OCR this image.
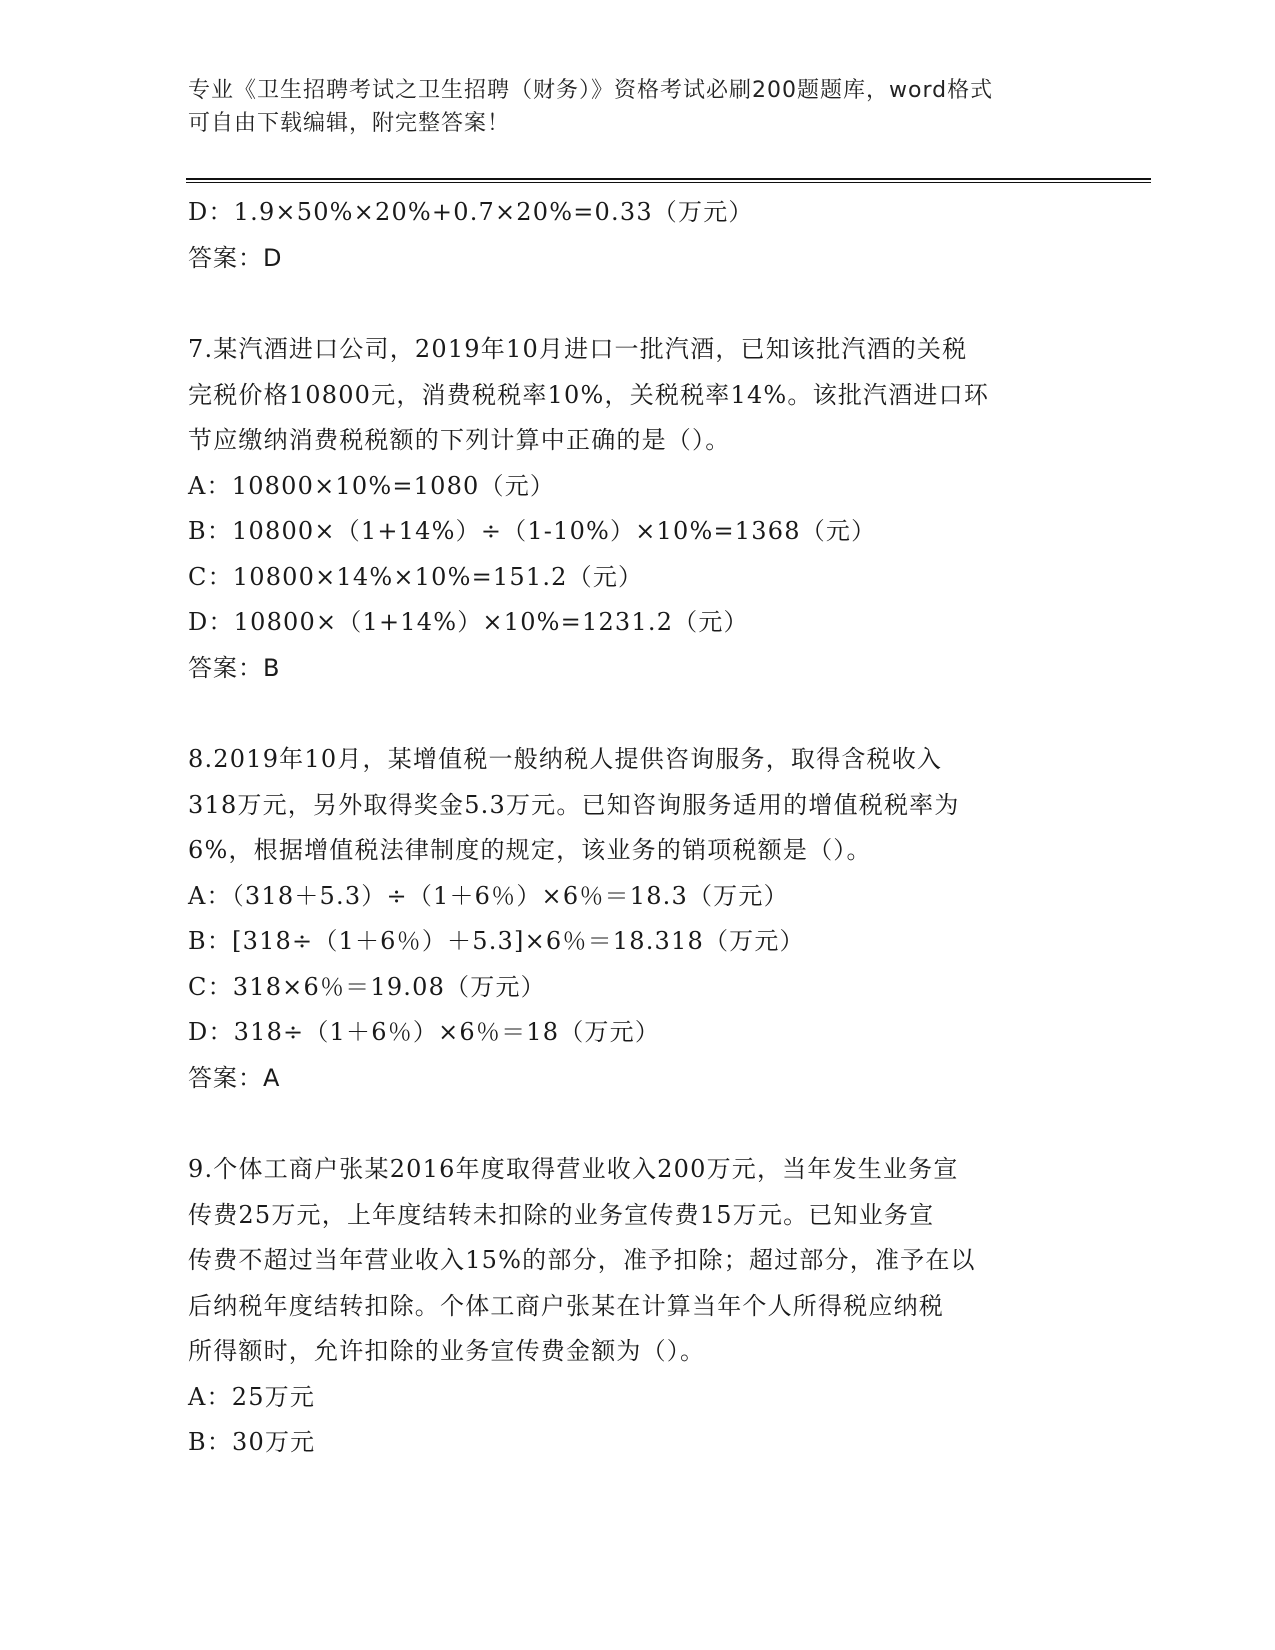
专业《卫生招聘考试之卫生招聘（财务）》资格考试必刷200题题库，word格式
可自由下载编辑，附完整答案！
D：1.9×50%×20%+0.7×20%=0.33（万元）
答案：D
7.某汽酒进口公司，2019年10月进口一批汽酒，已知该批汽酒的关税
完税价格10800元，消费税税率10%，关税税率14%。该批汽酒进口环
节应缴纳消费税税额的下列计算中正确的是（）。
A：10800×10%=1080（元）
B：10800×（1+14%）÷（1-10%）×10%=1368（元）
C：10800×14%×10%=151.2（元）
D：10800×（1+14%）×10%=1231.2（元）
答案：B
8.2019年10月，某增值税一般纳税人提供咨询服务，取得含税收入
318万元，另外取得奖金5.3万元。已知咨询服务适用的增值税税率为
6%，根据增值税法律制度的规定，该业务的销项税额是（）。
A：（318＋5.3）÷（1＋6％）×6％＝18.3（万元）
B：[318÷（1＋6％）＋5.3]×6％＝18.318（万元）
C：318×6％＝19.08（万元）
D：318÷（1＋6％）×6％＝18（万元）
答案：A
9.个体工商户张某2016年度取得营业收入200万元，当年发生业务宣
传费25万元，上年度结转未扣除的业务宣传费15万元。已知业务宣
传费不超过当年营业收入15%的部分，准予扣除；超过部分，准予在以
后纳税年度结转扣除。个体工商户张某在计算当年个人所得税应纳税
所得额时，允许扣除的业务宣传费金额为（）。
A：25万元
B：30万元
